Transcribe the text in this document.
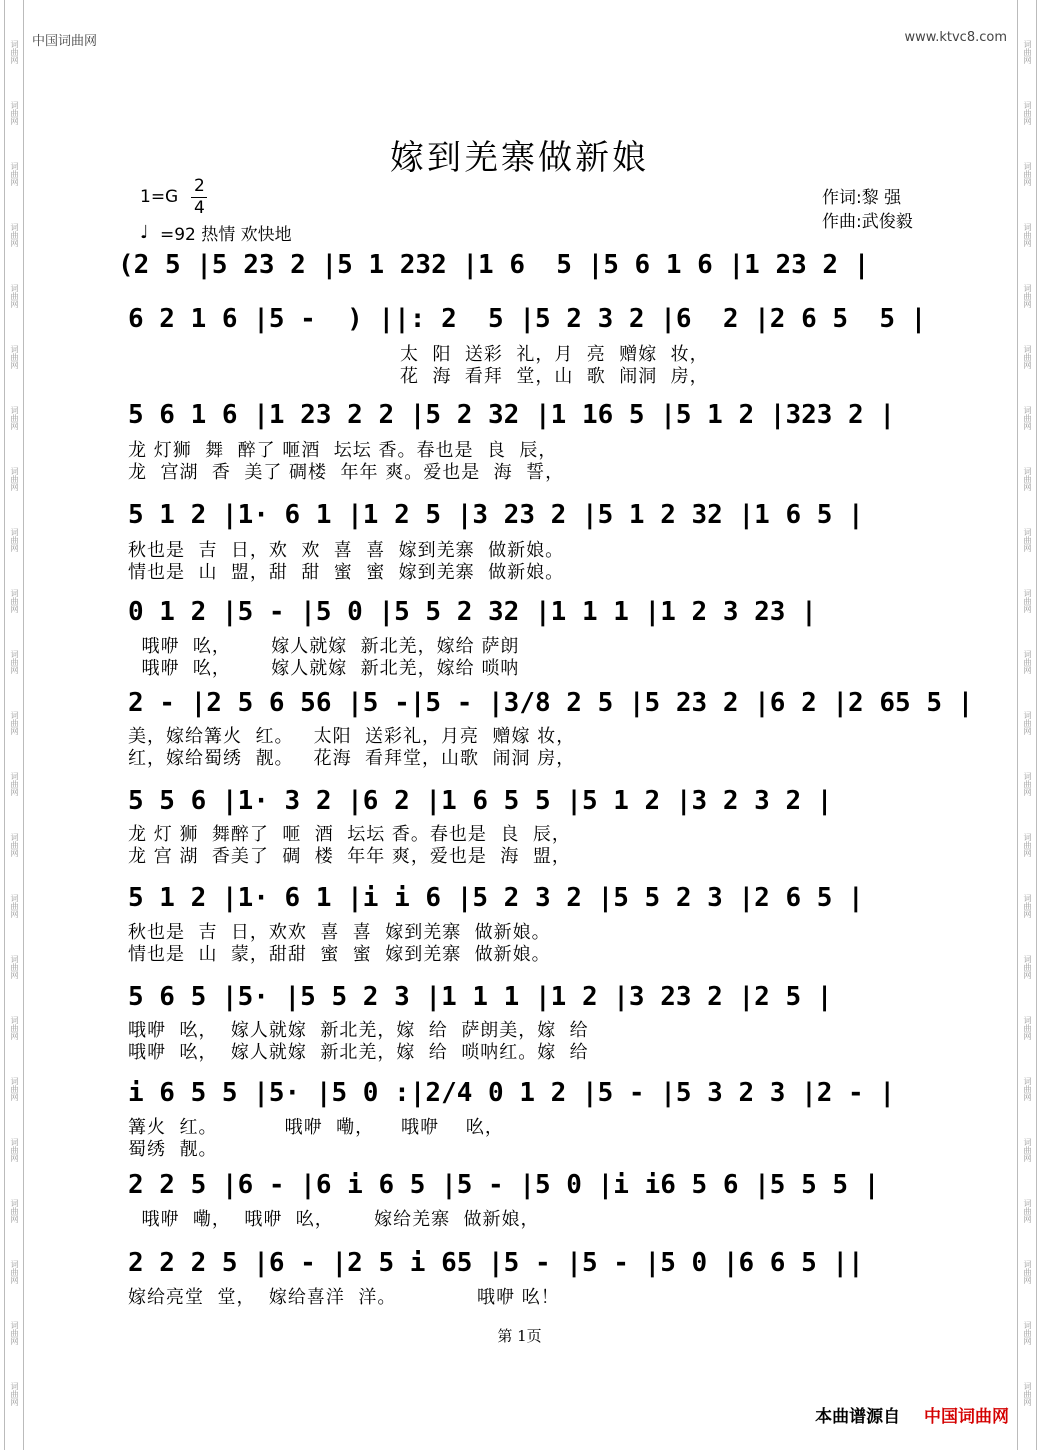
词曲网
词曲网
词曲网
词曲网
词曲网
词曲网
词曲网
词曲网
词曲网
词曲网
词曲网
词曲网
词曲网
词曲网
词曲网
词曲网
词曲网
词曲网
词曲网
词曲网
词曲网
词曲网
词曲网
词曲网
词曲网
词曲网
词曲网
词曲网
词曲网
词曲网
词曲网
词曲网
词曲网
词曲网
词曲网
词曲网
词曲网
词曲网
词曲网
词曲网
词曲网
词曲网
词曲网
词曲网
词曲网
词曲网
中国词曲网	www.ktvc8.com
嫁到羌寨做新娘
1=G
2
4
♩ =92 热情 欢快地
作词:黎 强
作曲:武俊毅
(2 5 |5 23 2 |5 1 232 |1 6  5 |5 6 1 6 |1 23 2 |
6 2 1 6 |5 -  ) ||: 2  5 |5 2 3 2 |6  2 |2 6 5  5 |
太  阳  送彩  礼，月  亮  赠嫁  妆，
花  海  看拜  堂，山  歌  闹洞  房，
5 6 1 6 |1 23 2 2 |5 2 32 |1 16 5 |5 1 2 |323 2 |
龙 灯狮  舞  醉了 咂酒  坛坛 香。春也是  良  辰，
龙  宫湖  香  美了 碉楼  年年 爽。爱也是  海  誓，
5 1 2 |1· 6 1 |1 2 5 |3 23 2 |5 1 2 32 |1 6 5 |
秋也是  吉  日，欢  欢  喜  喜  嫁到羌寨  做新娘。
情也是  山  盟，甜  甜  蜜  蜜  嫁到羌寨  做新娘。
0 1 2 |5 - |5 0 |5 5 2 32 |1 1 1 |1 2 3 23 |
哦咿  吆，      嫁人就嫁  新北羌，嫁给 萨朗
哦咿  吆，      嫁人就嫁  新北羌，嫁给 唢呐
2 - |2 5 6 56 |5 -|5 - |3/8 2 5 |5 23 2 |6 2 |2 65 5 |
美，嫁给篝火  红。   太阳  送彩礼，月亮  赠嫁 妆，
红，嫁给蜀绣  靓。   花海  看拜堂，山歌  闹洞 房，
5 5 6 |1· 3 2 |6 2 |1 6 5 5 |5 1 2 |3 2 3 2 |
龙 灯 狮  舞醉了  咂  酒  坛坛 香。春也是  良  辰，
龙 宫 湖  香美了  碉  楼  年年 爽，爱也是  海  盟，
5 1 2 |1· 6 1 |i i 6 |5 2 3 2 |5 5 2 3 |2 6 5 |
秋也是  吉  日，欢欢  喜  喜  嫁到羌寨  做新娘。
情也是  山  蒙，甜甜  蜜  蜜  嫁到羌寨  做新娘。
5 6 5 |5· |5 5 2 3 |1 1 1 |1 2 |3 23 2 |2 5 |
哦咿  吆，  嫁人就嫁  新北羌，嫁  给  萨朗美，嫁  给
哦咿  吆，  嫁人就嫁  新北羌，嫁  给  唢呐红。嫁  给
i 6 5 5 |5· |5 0 :|2/4 0 1 2 |5 - |5 3 2 3 |2 - |
篝火  红。          哦咿  嘞，    哦咿    吆，
蜀绣  靓。
2 2 5 |6 - |6 i 6 5 |5 - |5 0 |i i6 5 6 |5 5 5 |
哦咿  嘞，  哦咿  吆，      嫁给羌寨  做新娘，
2 2 2 5 |6 - |2 5 i 65 |5 - |5 - |5 0 |6 6 5 ||
嫁给亮堂  堂，  嫁给喜洋  洋。            哦咿 吆！
第 1页
本曲谱源自 中国词曲网
